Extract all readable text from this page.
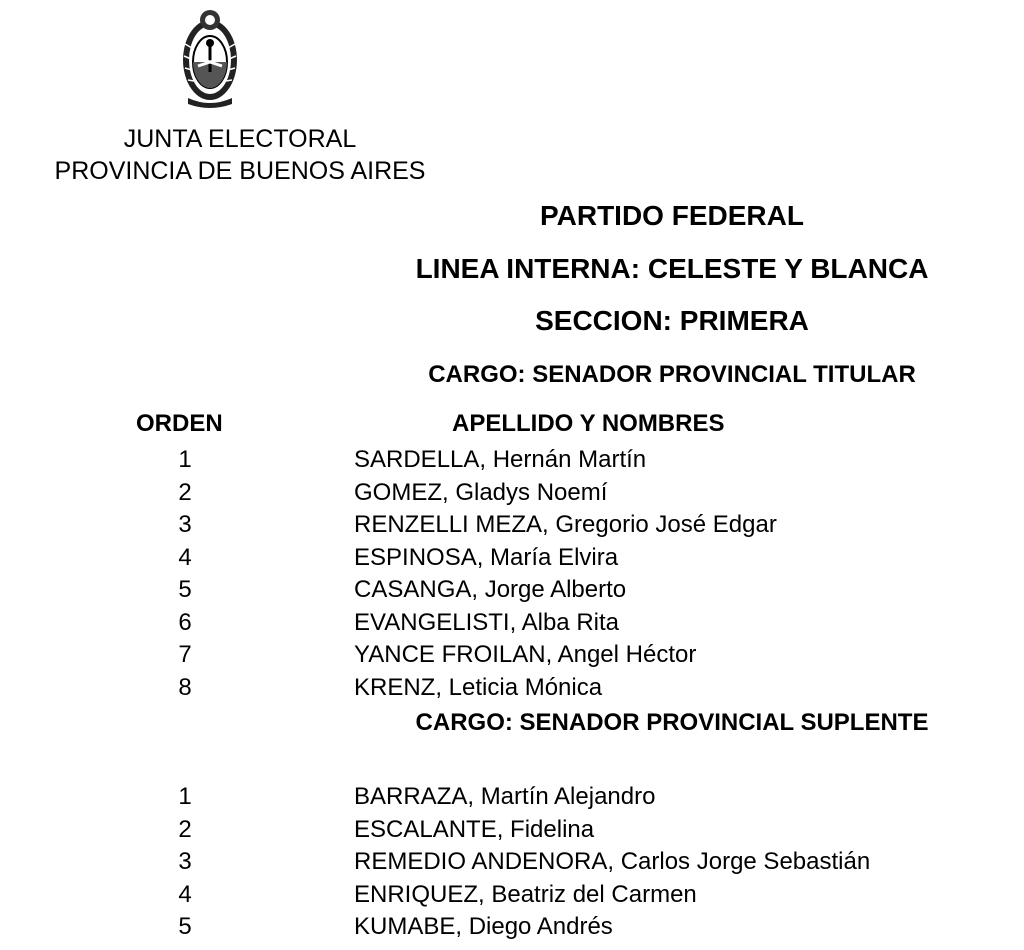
JUNTA ELECTORAL
PROVINCIA DE BUENOS AIRES
PARTIDO FEDERAL
LINEA INTERNA: CELESTE Y BLANCA
SECCION: PRIMERA
CARGO: SENADOR PROVINCIAL TITULAR
ORDEN	APELLIDO Y NOMBRES
1	SARDELLA, Hernán Martín
2	GOMEZ, Gladys Noemí
3	RENZELLI MEZA, Gregorio José Edgar
4	ESPINOSA, María Elvira
5	CASANGA, Jorge Alberto
6	EVANGELISTI, Alba Rita
7	YANCE FROILAN, Angel Héctor
8	KRENZ, Leticia Mónica
CARGO: SENADOR PROVINCIAL SUPLENTE
1	BARRAZA, Martín Alejandro
2	ESCALANTE, Fidelina
3	REMEDIO ANDENORA, Carlos Jorge Sebastián
4	ENRIQUEZ, Beatriz del Carmen
5	KUMABE, Diego Andrés
